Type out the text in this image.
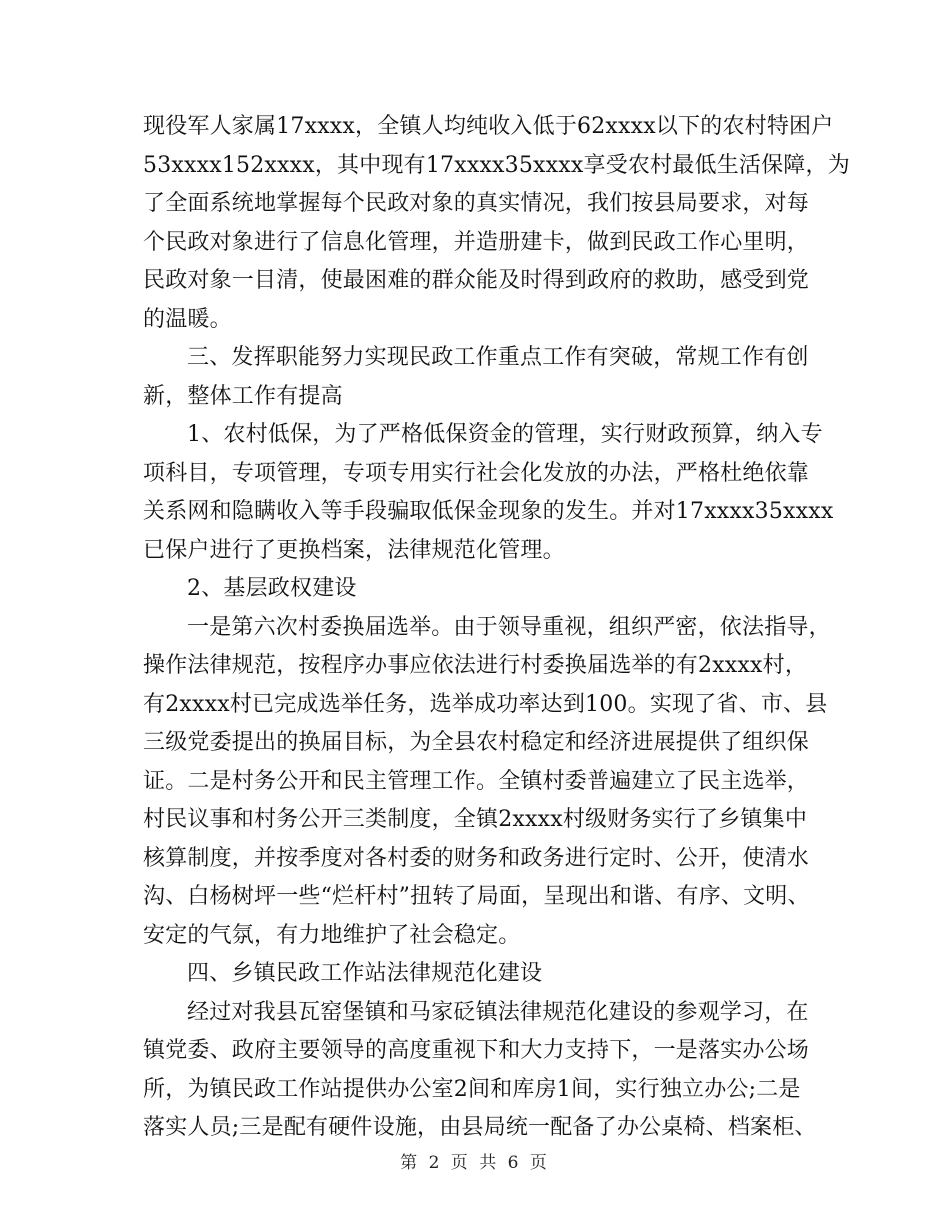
现役军人家属17xxxx，全镇人均纯收入低于62xxxx以下的农村特困户
53xxxx152xxxx，其中现有17xxxx35xxxx享受农村最低生活保障，为
了全面系统地掌握每个民政对象的真实情况，我们按县局要求，对每
个民政对象进行了信息化管理，并造册建卡，做到民政工作心里明，
民政对象一目清，使最困难的群众能及时得到政府的救助，感受到党
的温暖。
三、发挥职能努力实现民政工作重点工作有突破，常规工作有创
新，整体工作有提高
1、农村低保，为了严格低保资金的管理，实行财政预算，纳入专
项科目，专项管理，专项专用实行社会化发放的办法，严格杜绝依靠
关系网和隐瞒收入等手段骗取低保金现象的发生。并对17xxxx35xxxx
已保户进行了更换档案，法律规范化管理。
2、基层政权建设
一是第六次村委换届选举。由于领导重视，组织严密，依法指导，
操作法律规范，按程序办事应依法进行村委换届选举的有2xxxx村，
有2xxxx村已完成选举任务，选举成功率达到100。实现了省、市、县
三级党委提出的换届目标，为全县农村稳定和经济进展提供了组织保
证。二是村务公开和民主管理工作。全镇村委普遍建立了民主选举，
村民议事和村务公开三类制度，全镇2xxxx村级财务实行了乡镇集中
核算制度，并按季度对各村委的财务和政务进行定时、公开，使清水
沟、白杨树坪一些“烂杆村”扭转了局面，呈现出和谐、有序、文明、
安定的气氛，有力地维护了社会稳定。
四、乡镇民政工作站法律规范化建设
经过对我县瓦窑堡镇和马家砭镇法律规范化建设的参观学习，在
镇党委、政府主要领导的高度重视下和大力支持下，一是落实办公场
所，为镇民政工作站提供办公室2间和库房1间，实行独立办公;二是
落实人员;三是配有硬件设施，由县局统一配备了办公桌椅、档案柜、
第 2 页 共 6 页
